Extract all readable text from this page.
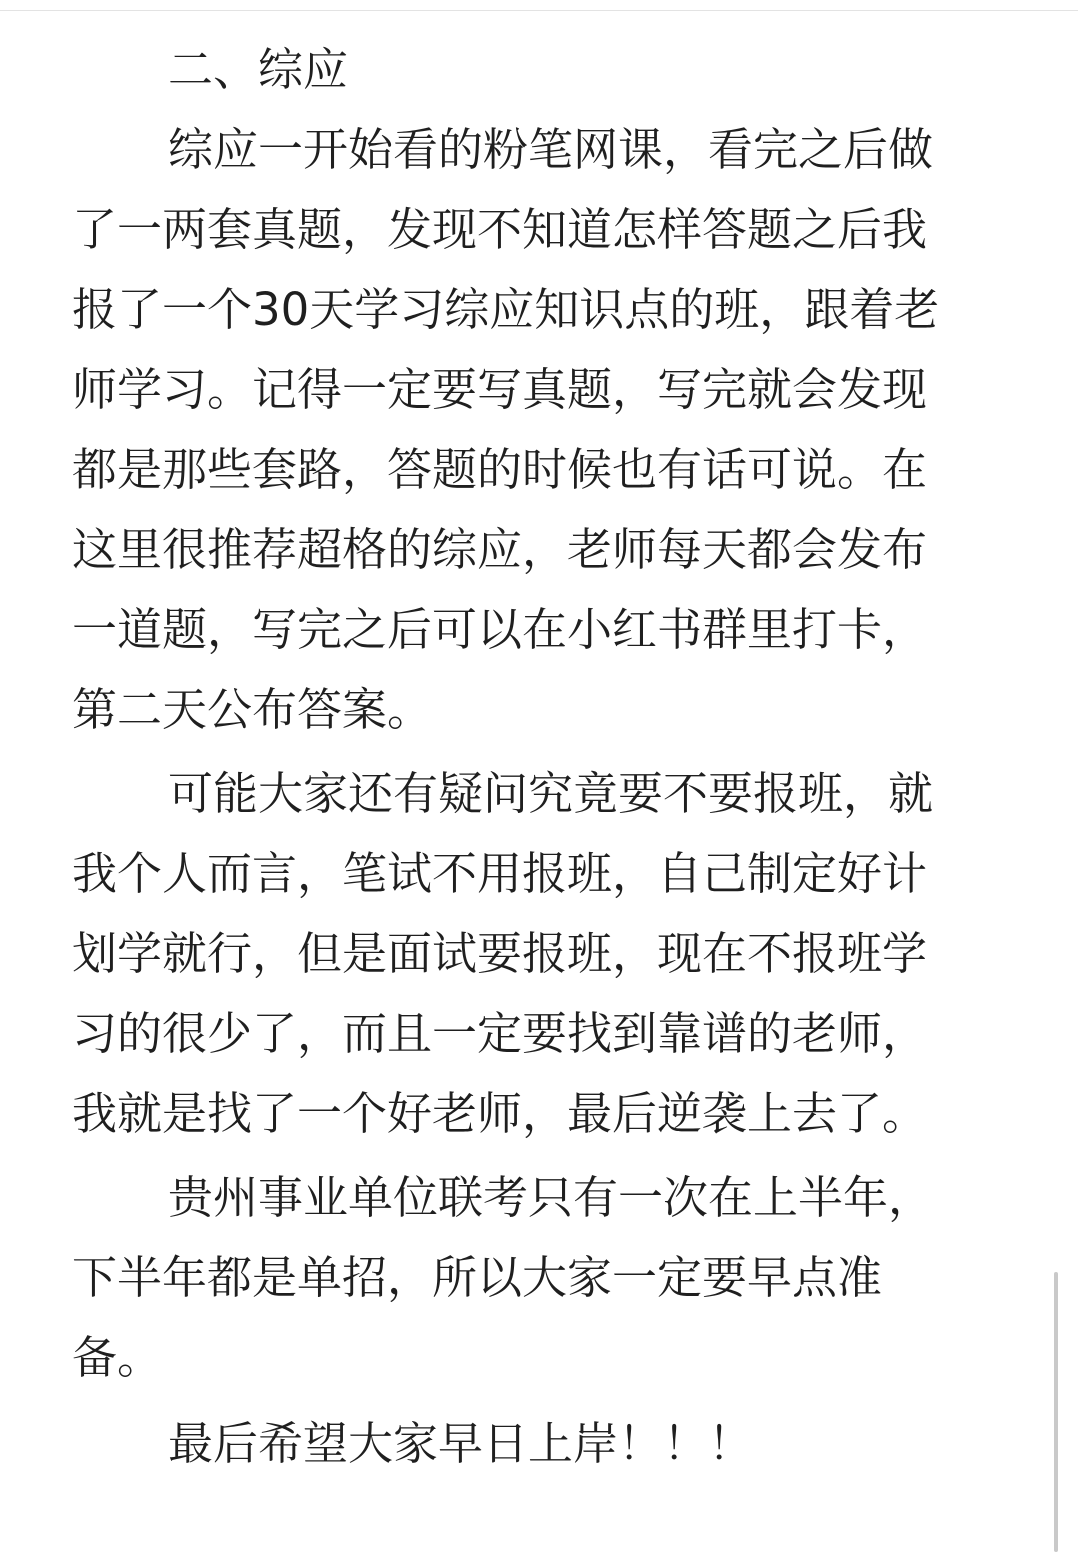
二、综应
综应一开始看的粉笔网课，看完之后做
了一两套真题，发现不知道怎样答题之后我
报了一个30天学习综应知识点的班，跟着老
师学习。记得一定要写真题，写完就会发现
都是那些套路，答题的时候也有话可说。在
这里很推荐超格的综应，老师每天都会发布
一道题，写完之后可以在小红书群里打卡，
第二天公布答案。
可能大家还有疑问究竟要不要报班，就
我个人而言，笔试不用报班，自己制定好计
划学就行，但是面试要报班，现在不报班学
习的很少了，而且一定要找到靠谱的老师，
我就是找了一个好老师，最后逆袭上去了。
贵州事业单位联考只有一次在上半年，
下半年都是单招，所以大家一定要早点准
备。
最后希望大家早日上岸！！！
